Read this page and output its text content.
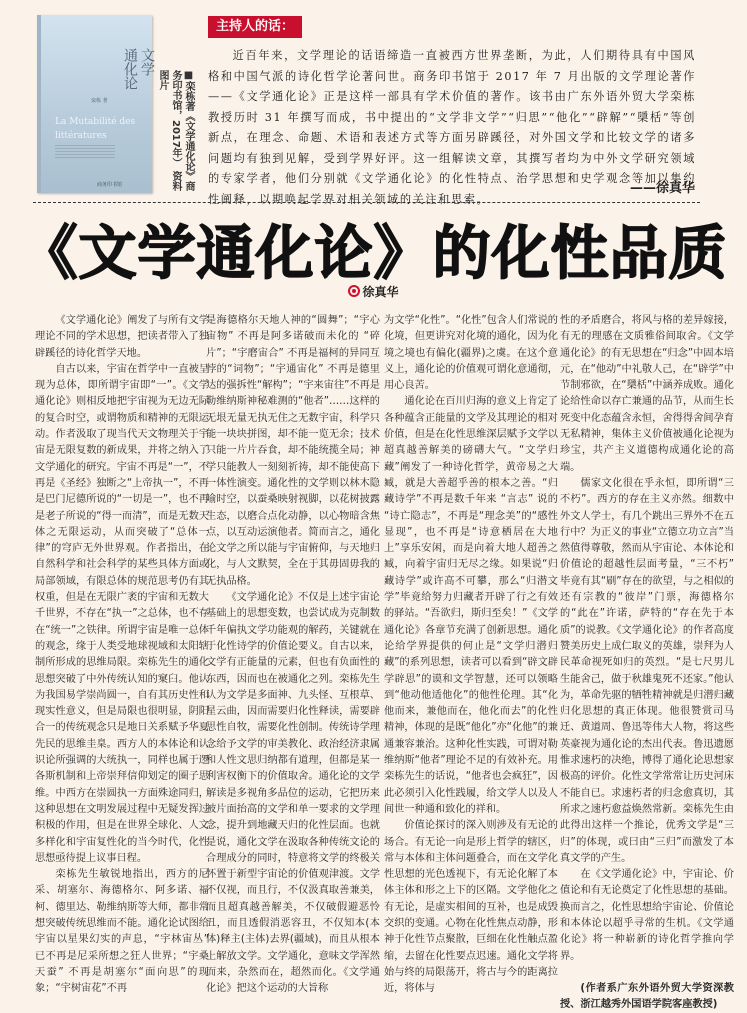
文学
通化论
栾栋 著
La Mutabilité des littératures
商务印书馆	■栾栋著《文学通化论》商
务印书馆，2017年） 资料图片
主持人的话：

近百年来，文学理论的话语缔造一直被西方世界垄断，为此，人们期待具有中国风格和中国气派的诗化哲学论著问世。商务印书馆于 2017 年 7 月出版的文学理论著作——《文学通化论》正是这样一部具有学术价值的著作。该书由广东外语外贸大学栾栋教授历时 31 年撰写而成，书中提出的“文学非文学”“归思”“他化”“辟解”“檃栝”等创新点，在理念、命题、术语和表述方式等方面另辟蹊径，对外国文学和比较文学的诸多问题均有独到见解，受到学界好评。这一组解读文章，其撰写者均为中外文学研究领域的专家学者，他们分别就《文学通化论》的化性特点、治学思想和史学观念等加以集约性阐释，以期唤起学界对相关领域的关注和思索。

——徐真华
《文学通化论》的化性品质
徐真华

《文学通化论》阐发了与所有文学理论不同的学术思想，把读者带入了独辟蹊径的诗化哲学天地。

自古以来，宇宙在哲学中一直被呈现为总体，即所谓宇宙即“一”。《文学通化论》则相反地把宇宙视为无边无际的复合时空，或谓物质和精神的无限运动。作者汲取了现当代天文物理关于宇宙是无限复数的新成果，并将之纳入了文学通化的研究。宇宙不再是“一”，不再是《圣经》独断之“上帝执一”，不再是巴门尼德所说的“一切是一”，也不再是老子所说的“得一而清”，而是无数天体之无限运动，从而突破了“总体一律”的穹庐无外世界观。作者指出，在自然科学和社会科学的某些具体方面或局部领域，有限总体的规范思考仍有其权重，但是在无限广袤的宇宙和无数大千世界，不存在“执一”之总体，也不存在“统一”之铁律。所谓宇宙是唯一总体的观念，缘于人类受地球视域和太阳辖制所形成的思维局限。栾栋先生的通化思想突破了中外传统认知的窠臼。他认为我国易学崇尚圆一，自有其历史性和现实性意义，但是局限也很明显，阴阳合一的传统观念只是地日关系赋予华夏先民的思维圭臬。西方人的本体论和认识论所强调的大统执一，同样也属于逻各斯机制和上帝崇拜信仰划定的圈子思维。中西方在崇圆执一方面殊途同归，这种思想在文明发展过程中无疑发挥过积极的作用，但是在世界全球化、人文多样化和宇宙复性化的当今时代，化性思想亟待提上议事日程。

栾栋先生敏锐地指出，西方的尼采、胡塞尔、海德格尔、阿多诺、福柯、德里达、勒维纳斯等大师，都非常想突破传统思维而不能。通化论试图给宇宙以星果幻实的声息，“宇林宙丛” 已不再是尼采所想之狂人世界；“宇桑天蚕” 不再是胡塞尔“面向思”的现象；“宇树宙花”不再

是海德格尔天地人神的“圆舞”；“宇心宙物” 不再是阿多诺破而未化的 “碎片”；“宇磨宙合” 不再是福柯的异同互悖的“词物”；“宇通宙化” 不再是德里达的强拆性“解构”；“宇来宙往”不再是勒维纳斯神秘难测的“他者”……这样的无垠无量无执无住之无数宇宙，科学只能一块块拼图，却不能一览无余；技术只能一片片吞食，却不能统揽全局；神学只能教人一刻刻祈祷，却不能使高下一体性演变。通化性的文学则以林木隐喻时空，以蚕桑映射视脚，以花树披露生态，以磨合点化动静，以心物暗含焦点，以互动运演他者。简而言之，通化论文学之所以能与宇宙俯仰，与天地归化，与人文默契，全在于其毋固毋我的无执品格。

《文学通化论》不仅是上述宇宙论基础上的思想变数，也尝试成为克制数千年偏执文学功能观的解药，关键就在于化性诗学的价值论要义。自古以来，文学有正能量的元素，但也有负面性的东西，因而也在被通化之列。栾栋先生认为文学是多面神、九头怪、互根草、星云曲，因而需要归化性释读，需要辟思性自牧，需要化性创制。传统诗学理念给予文学的审美教化、政治经济隶属和人性文思归纳都有道理，但都是某一利害权衡下的价值取舍。通化论的文学解读是多视角多品位的运动，它把历来被片面抬高的文学和单一要求的文学理念，提升到地藏天归的化性层面。也就是说，通化文学在汲取各种传统文论的合理成分的同时，特意将文学的终极关怀置于新型宇宙论的价值观津渡。文学不仅视，而且行，不仅汲真取善兼美，而且超真越善解美，不仅破假避恶怜丑，而且透假消恶容丑，不仅知本(本体)释主(主体)去界(疆域)，而且从根本上解放文学。文学通化，意味文学浑然而来，杂然而在，超然而化。《文学通化论》把这个运动的大旨称

为文学“化性”。“化性”包含人们常说的化境，但更讲究对化境的通化，因为化境之境也有偏化(疆界)之虞。在这个意义上，通化论的价值观可谓化意通彻，用心良苦。

通化论在百川归海的意义上肯定了各种蕴含正能量的文学及其理论的相对价值，但是在化性思维深层赋予文学以超真越善解美的磅礴大气。“文学归藏”阐发了一种诗化哲学，黄帝易之大臧，就是大善超乎善的根本之善。“归藏诗学”不再是数千年来 “言志” 说的 “诗亡隐志”，不再是“理念美”的“感性显现”，也不再是“诗意栖居在大地上”享乐安闲，而是向着大地人超善之臧，向着宇宙归无尽之缘。如果说“归藏诗学”或许高不可攀，那么“归潜文学”毕竟给努力归藏者开辟了行之有效的驿站。“吾欲归，斯归至矣！”《文学通化论》各章节充满了创新思想。通化论给学界提供的何止是“文学归潜归藏”的系列思想，读者可以看到“辟文辟学辟思”的谟和文学智慧，还可以领略到“他动他适他化”的他性伦理。其“化他而来，兼他而在，他化而去”的化性精神，体现的是既“他化”亦“化他”的兼通兼容兼治。这种化性实践，可谓对勒维纳斯“他者”理论不足的有效补充。用栾栋先生的话说，“他者也会疯狂”，因此必须引入化性践履，给文学人以及人间世一种通和致化的祥和。

价值论探讨的深入则涉及有无论的场合。有无论一向是形上哲学的辖区，常与本体和主体问题叠合，而在文学化性思想的光色透视下，有无论化解了本体主体和形之上下的区隔。文学他化之有无论，是虚实相间的互补，也是成毁交织的变通。心物在化性焦点动静，形神于化性节点聚散，巨细在化性触点盈缩，去留在化性要点迟速。通化文学将始与终的局限荡开，将古与今的距离拉近，将体与

性的矛盾磨合，将风与格的差异嫁接，有无的理感在文质雅俗间取舍。《文学通化论》的有无思想在“归念”中固本培元，在“他动”中礼敬人己，在“辟学”中节制邪欲，在“檃栝”中涵养成败。通化论给性命以存亡兼通的品节，从而生长死变中化态蕴含永恒，舍得得舍间孕育无私精神，集体主义价值被通化论视为珍宝，共产主义道德构成通化论的高端。

儒家文化很在乎永恒，即所谓“三不朽”。西方的存在主义亦然。细数中外文人学士，有几个跳出三界外不在五行中？为正义的事业“立德立功立言”当然值得尊敬，然而从宇宙论、本体论和价值论的超越性层面考量，“三不朽” 毕竟有其“刷”存在的欲望，与之相似的还有宗教的“彼岸”门票，海德格尔的“此在”许诺，萨特的“存在先于本质”的说教。《文学通化论》的作者高度赞美历史上成仁取义的英雄，崇拜为人民革命视死如归的英烈。“是七尺男儿生能舍己，做于秋雄鬼死不还家。”他认为，革命先驱的牺牲精神就是归潜归藏归化思想的真正体现。他很赞赏司马迁、黄道周、鲁迅等伟大人物，将这些英豪视为通化论的杰出代表。鲁迅遗愿惟求速朽的决绝，博得了通化论思想家极高的评价。化性文学常常让历史河床不能自已。求速朽者的归念愈真切，其所求之速朽愈益焕然常新。栾栋先生由此得出这样一个推论，优秀文学是“三归”的体现，或曰由“三归”而激发了本真文学的产生。

在《文学通化论》中，宇宙论、价值论和有无论奠定了化性思想的基础。换而言之，化性思想给宇宙论、价值论和本体论以超乎寻常的生机。《文学通化论》将一种崭新的诗化哲学推向学界。

(作者系广东外语外贸大学资深教授、浙江越秀外国语学院客座教授)
